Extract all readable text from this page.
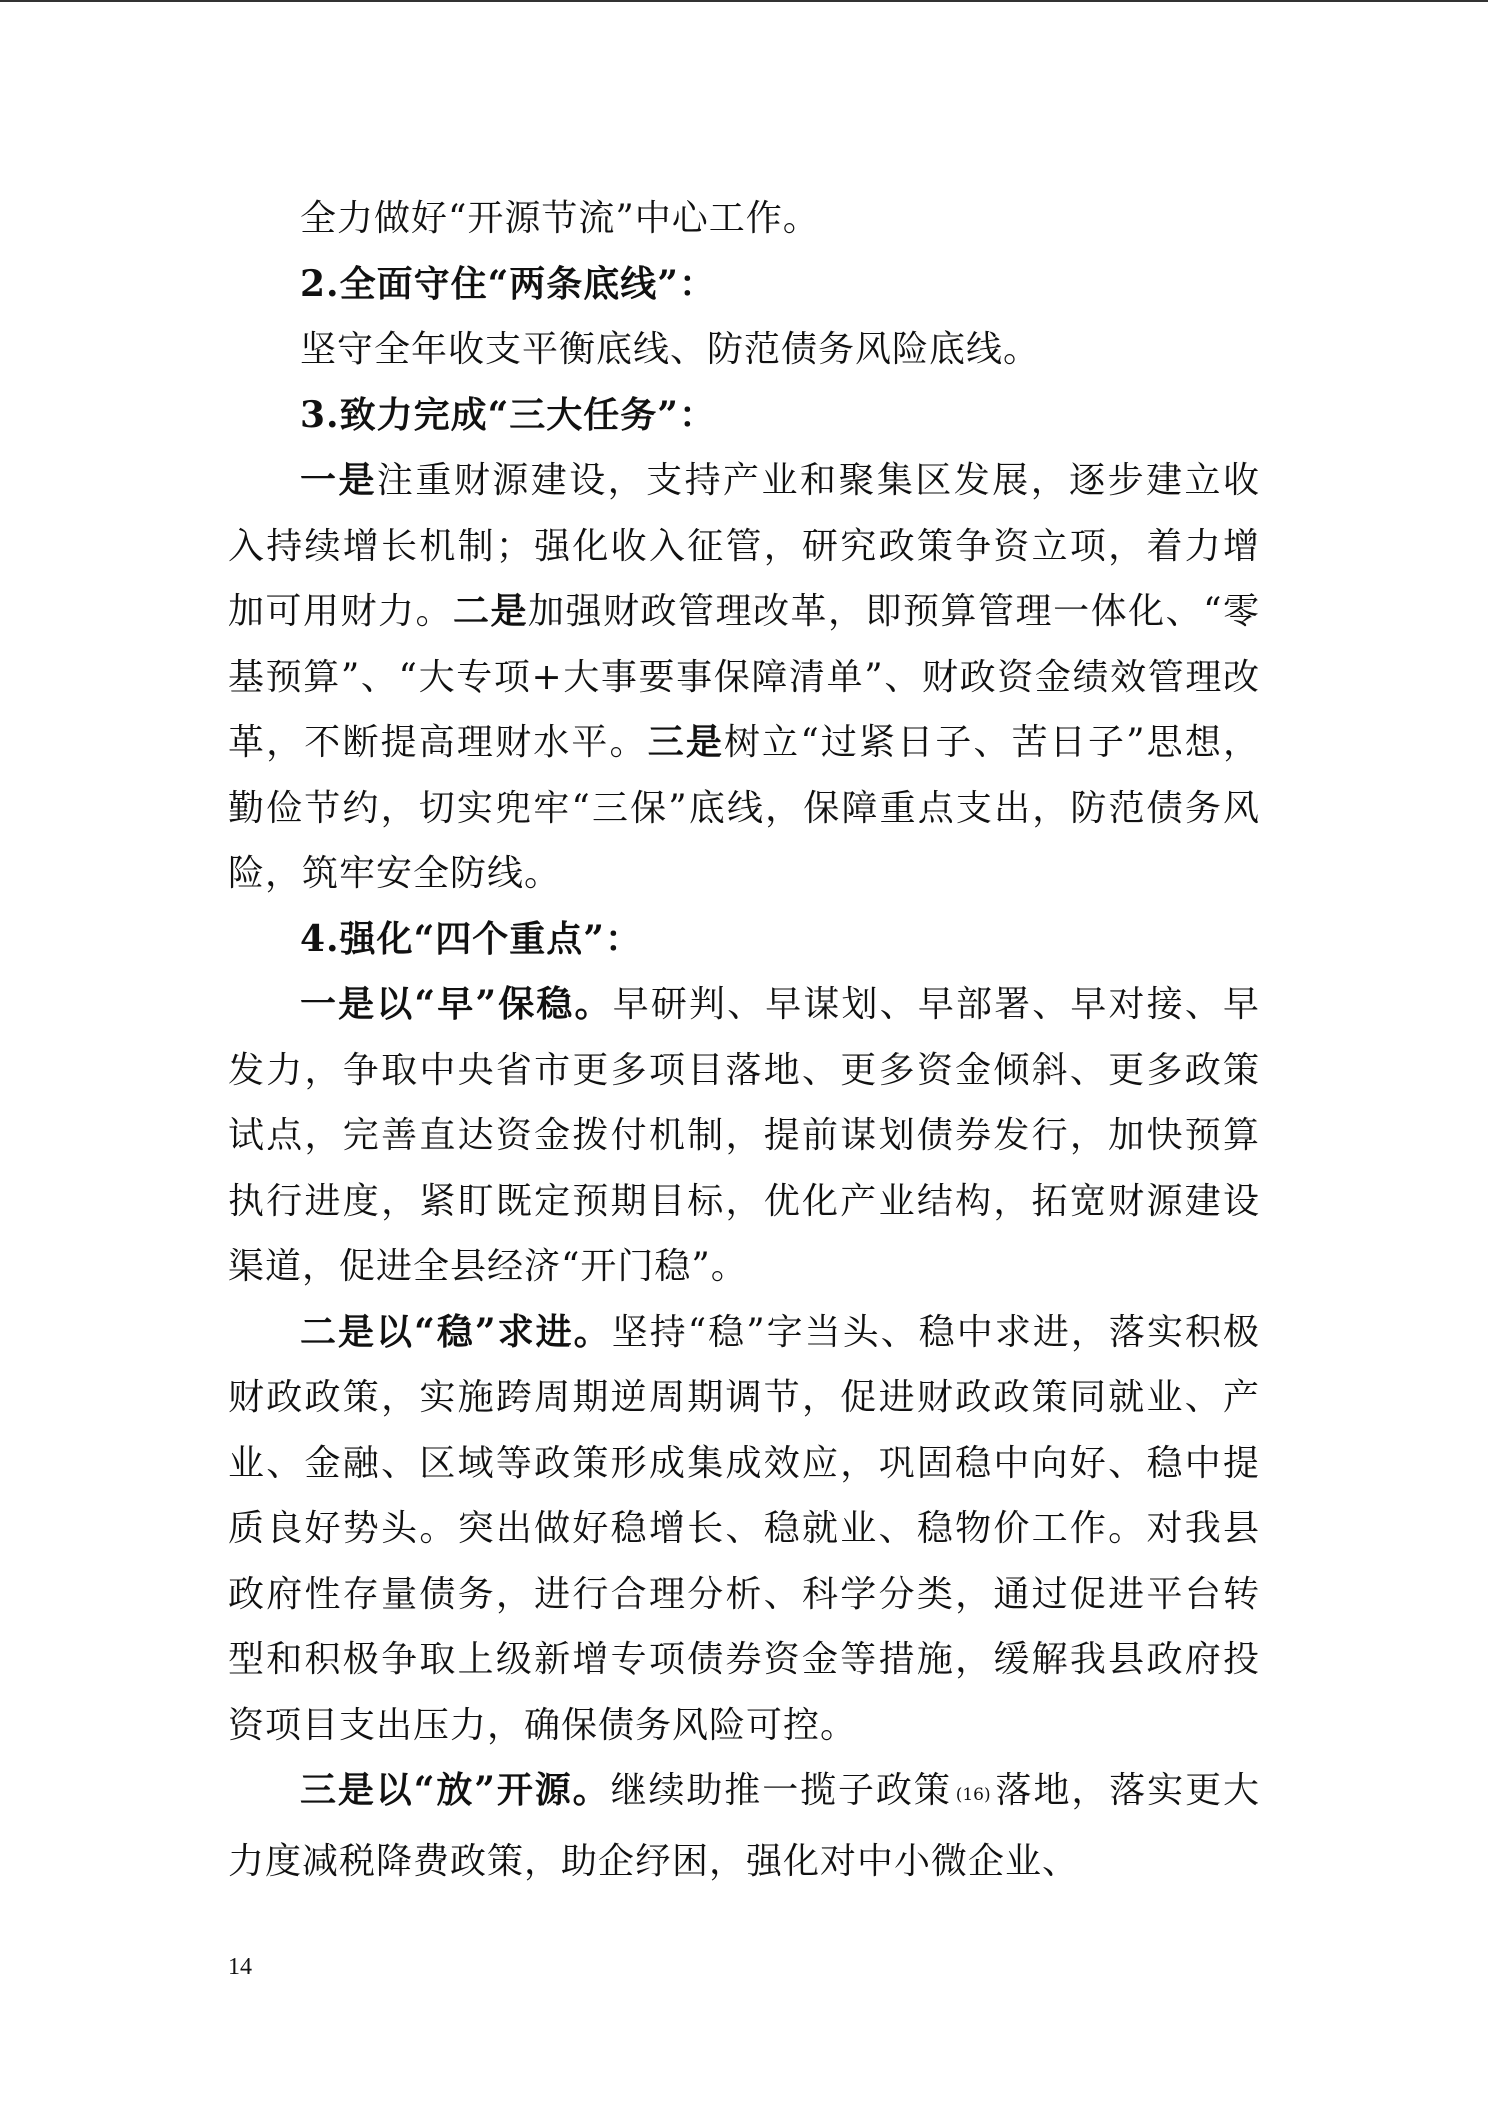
全力做好“开源节流”中心工作。

2.全面守住“两条底线”：

坚守全年收支平衡底线、防范债务风险底线。

3.致力完成“三大任务”：

一是注重财源建设，支持产业和聚集区发展，逐步建立收入持续增长机制；强化收入征管，研究政策争资立项，着力增加可用财力。二是加强财政管理改革，即预算管理一体化、“零基预算”、“大专项+大事要事保障清单”、财政资金绩效管理改革，不断提高理财水平。三是树立“过紧日子、苦日子”思想，勤俭节约，切实兜牢“三保”底线，保障重点支出，防范债务风险，筑牢安全防线。

4.强化“四个重点”：

一是以“早”保稳。早研判、早谋划、早部署、早对接、早发力，争取中央省市更多项目落地、更多资金倾斜、更多政策试点，完善直达资金拨付机制，提前谋划债券发行，加快预算执行进度，紧盯既定预期目标，优化产业结构，拓宽财源建设渠道，促进全县经济“开门稳”。

二是以“稳”求进。坚持“稳”字当头、稳中求进，落实积极财政政策，实施跨周期逆周期调节，促进财政政策同就业、产业、金融、区域等政策形成集成效应，巩固稳中向好、稳中提质良好势头。突出做好稳增长、稳就业、稳物价工作。对我县政府性存量债务，进行合理分析、科学分类，通过促进平台转型和积极争取上级新增专项债券资金等措施，缓解我县政府投资项目支出压力，确保债务风险可控。

三是以“放”开源。继续助推一揽子政策 (16) 落地，落实更大力度减税降费政策，助企纾困，强化对中小微企业、

14
